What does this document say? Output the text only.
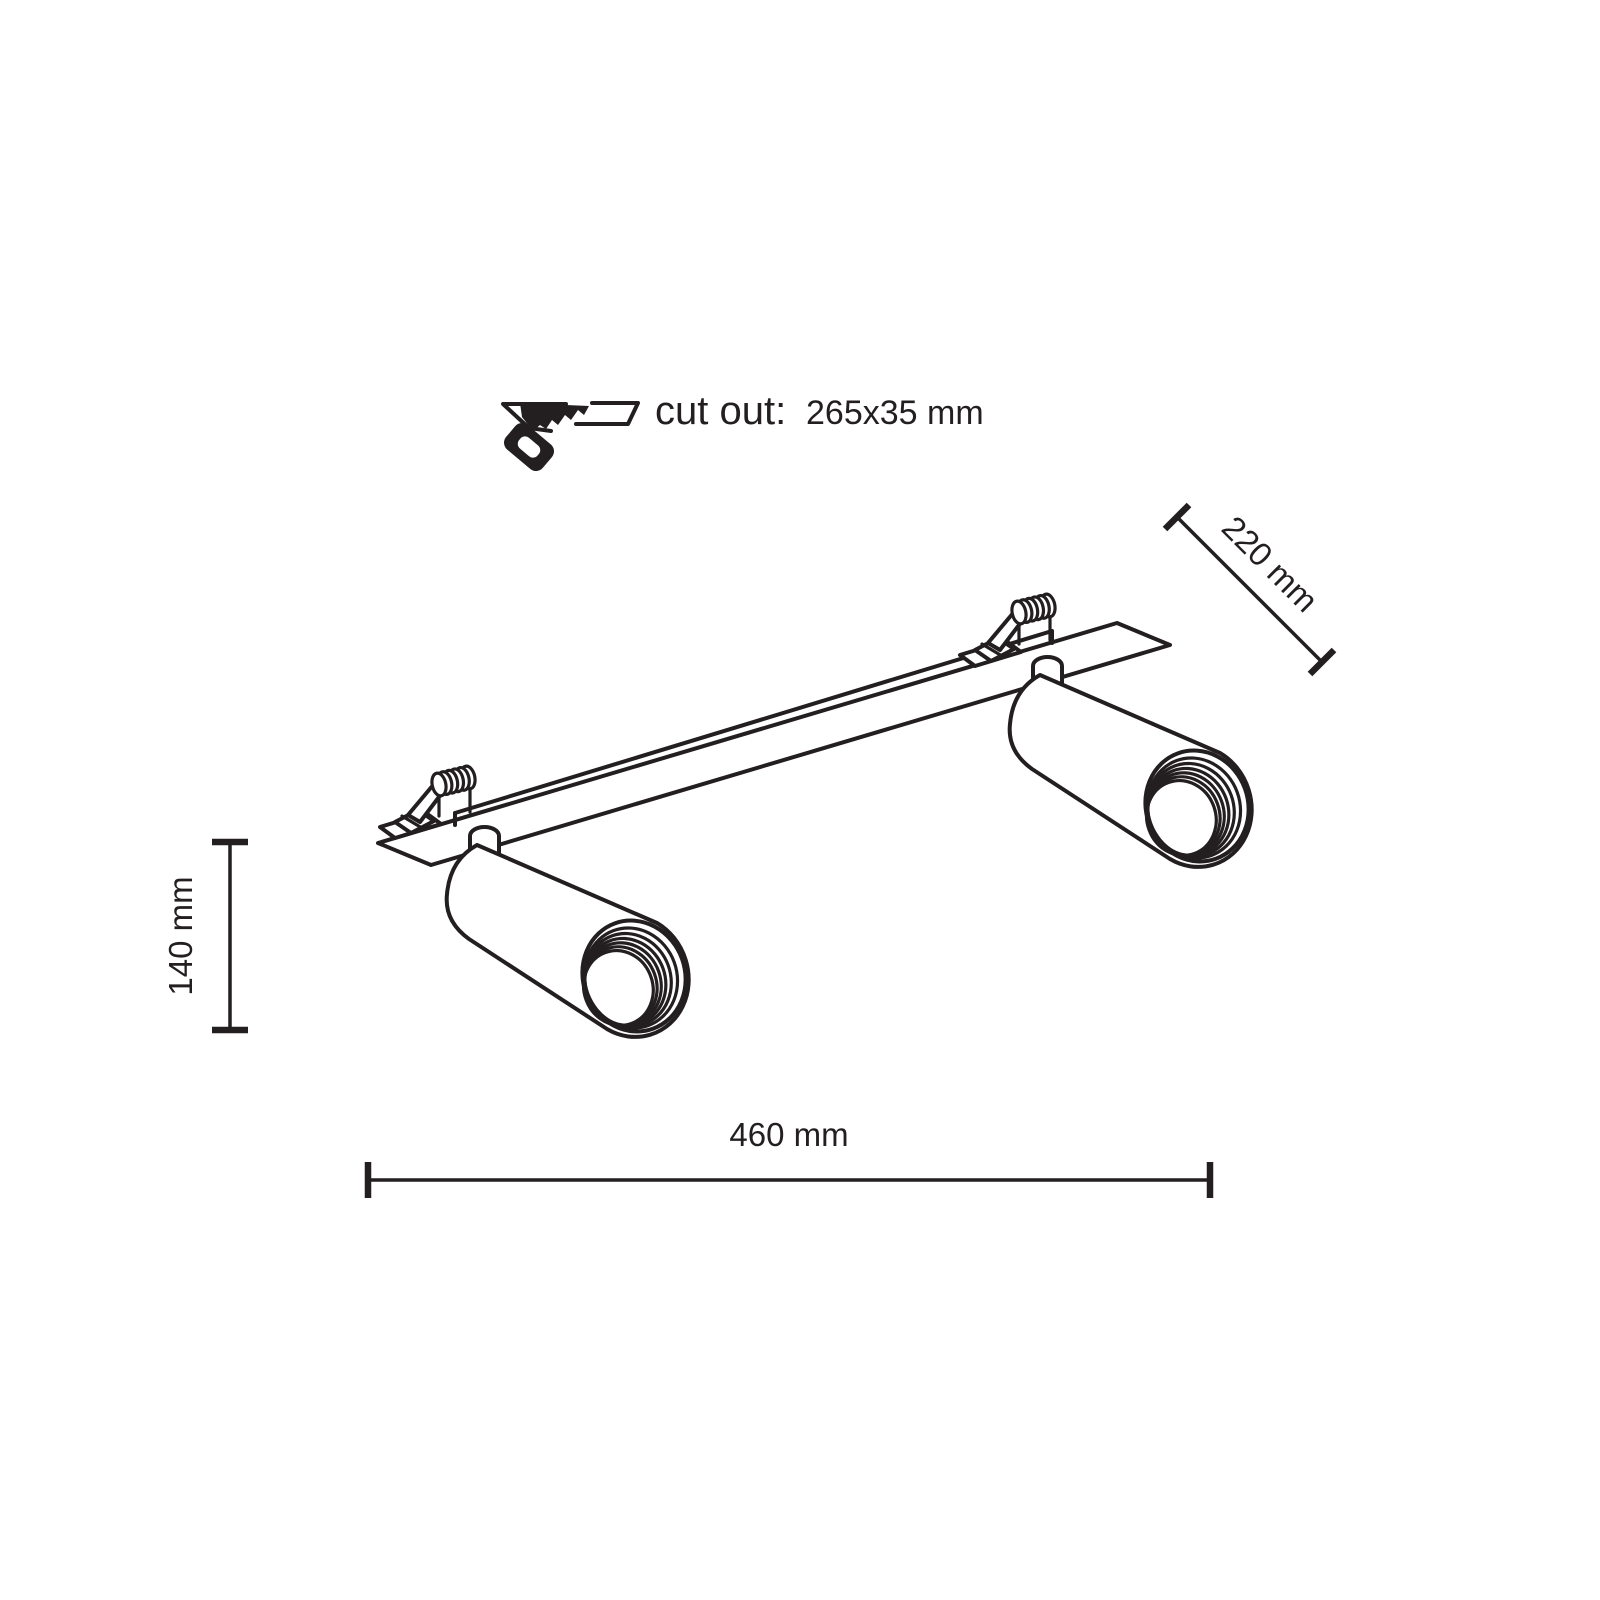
cut out: 265x35 mm
220 mm
140 mm
460 mm
